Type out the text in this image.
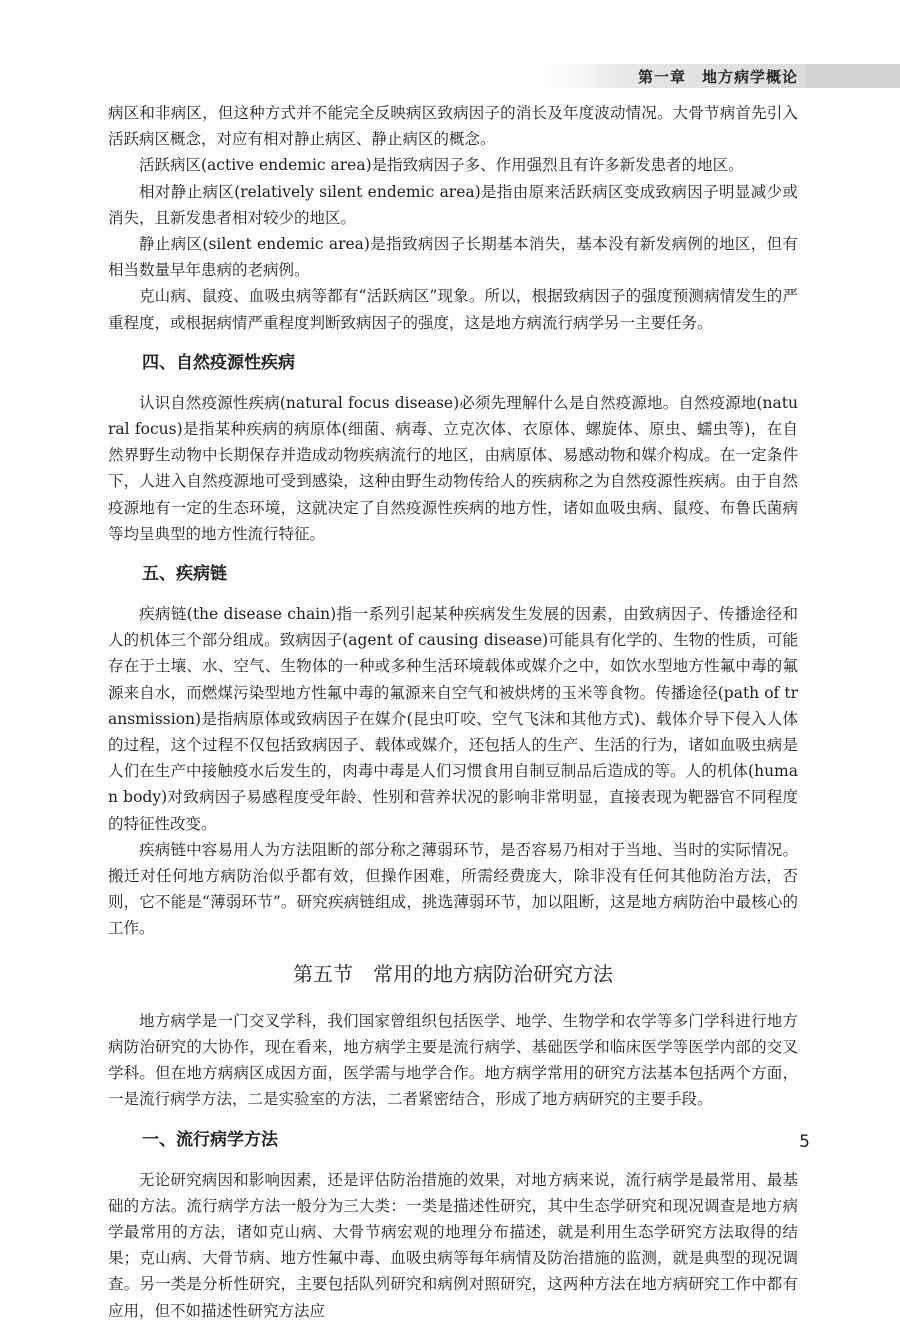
第一章　地方病学概论

病区和非病区，但这种方式并不能完全反映病区致病因子的消长及年度波动情况。大骨节病首先引入活跃病区概念，对应有相对静止病区、静止病区的概念。

活跃病区(active endemic area)是指致病因子多、作用强烈且有许多新发患者的地区。

相对静止病区(relatively silent endemic area)是指由原来活跃病区变成致病因子明显减少或消失，且新发患者相对较少的地区。

静止病区(silent endemic area)是指致病因子长期基本消失，基本没有新发病例的地区，但有相当数量早年患病的老病例。

克山病、鼠疫、血吸虫病等都有“活跃病区”现象。所以，根据致病因子的强度预测病情发生的严重程度，或根据病情严重程度判断致病因子的强度，这是地方病流行病学另一主要任务。

四、自然疫源性疾病

认识自然疫源性疾病(natural focus disease)必须先理解什么是自然疫源地。自然疫源地(natural focus)是指某种疾病的病原体(细菌、病毒、立克次体、衣原体、螺旋体、原虫、蠕虫等)，在自然界野生动物中长期保存并造成动物疾病流行的地区，由病原体、易感动物和媒介构成。在一定条件下，人进入自然疫源地可受到感染，这种由野生动物传给人的疾病称之为自然疫源性疾病。由于自然疫源地有一定的生态环境，这就决定了自然疫源性疾病的地方性，诸如血吸虫病、鼠疫、布鲁氏菌病等均呈典型的地方性流行特征。

五、疾病链

疾病链(the disease chain)指一系列引起某种疾病发生发展的因素，由致病因子、传播途径和人的机体三个部分组成。致病因子(agent of causing disease)可能具有化学的、生物的性质，可能存在于土壤、水、空气、生物体的一种或多种生活环境载体或媒介之中，如饮水型地方性氟中毒的氟源来自水，而燃煤污染型地方性氟中毒的氟源来自空气和被烘烤的玉米等食物。传播途径(path of transmission)是指病原体或致病因子在媒介(昆虫叮咬、空气飞沫和其他方式)、载体介导下侵入人体的过程，这个过程不仅包括致病因子、载体或媒介，还包括人的生产、生活的行为，诸如血吸虫病是人们在生产中接触疫水后发生的，肉毒中毒是人们习惯食用自制豆制品后造成的等。人的机体(human body)对致病因子易感程度受年龄、性别和营养状况的影响非常明显，直接表现为靶器官不同程度的特征性改变。

疾病链中容易用人为方法阻断的部分称之薄弱环节，是否容易乃相对于当地、当时的实际情况。搬迁对任何地方病防治似乎都有效，但操作困难，所需经费庞大，除非没有任何其他防治方法，否则，它不能是“薄弱环节”。研究疾病链组成，挑选薄弱环节，加以阻断，这是地方病防治中最核心的工作。

第五节　常用的地方病防治研究方法

地方病学是一门交叉学科，我们国家曾组织包括医学、地学、生物学和农学等多门学科进行地方病防治研究的大协作，现在看来，地方病学主要是流行病学、基础医学和临床医学等医学内部的交叉学科。但在地方病病区成因方面，医学需与地学合作。地方病学常用的研究方法基本包括两个方面，一是流行病学方法，二是实验室的方法，二者紧密结合，形成了地方病研究的主要手段。

一、流行病学方法

无论研究病因和影响因素，还是评估防治措施的效果，对地方病来说，流行病学是最常用、最基础的方法。流行病学方法一般分为三大类：一类是描述性研究，其中生态学研究和现况调查是地方病学最常用的方法，诸如克山病、大骨节病宏观的地理分布描述，就是利用生态学研究方法取得的结果；克山病、大骨节病、地方性氟中毒、血吸虫病等每年病情及防治措施的监测，就是典型的现况调查。另一类是分析性研究，主要包括队列研究和病例对照研究，这两种方法在地方病研究工作中都有应用，但不如描述性研究方法应

5
